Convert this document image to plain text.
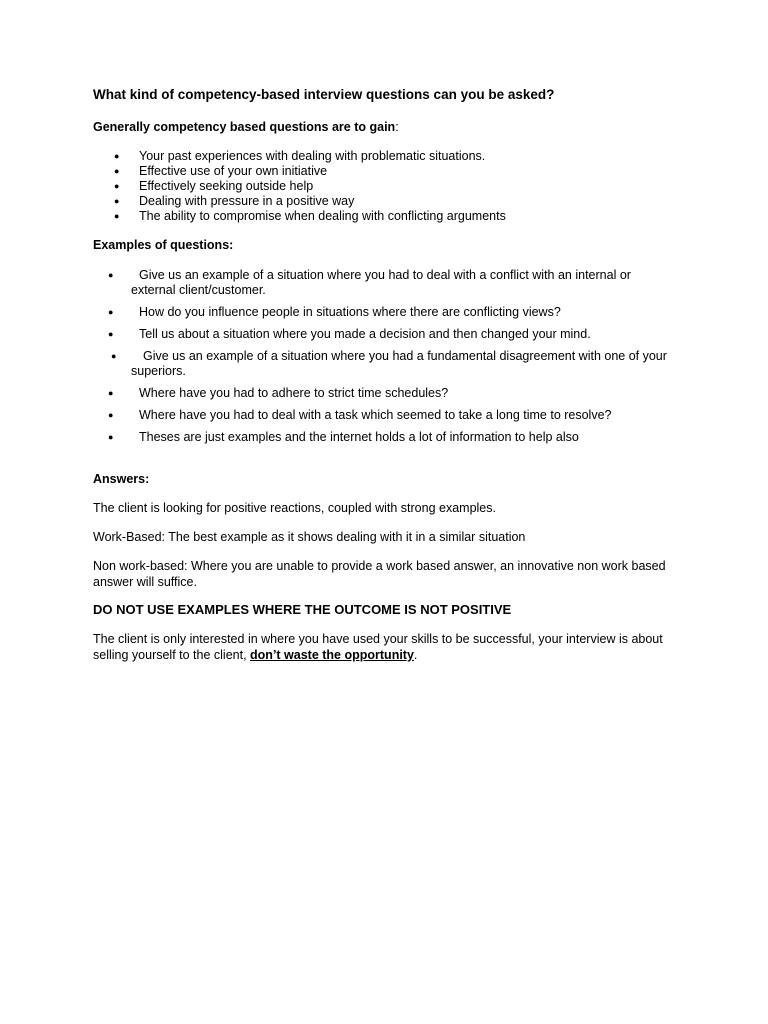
What kind of competency-based interview questions can you be asked?
Generally competency based questions are to gain:
● Your past experiences with dealing with problematic situations.
● Effective use of your own initiative
● Effectively seeking outside help
● Dealing with pressure in a positive way
● The ability to compromise when dealing with conflicting arguments
Examples of questions:
●	Give us an example of a situation where you had to deal with a conflict with an internal or external client/customer.
●	How do you influence people in situations where there are conflicting views?
●	Tell us about a situation where you made a decision and then changed your mind.
●	Give us an example of a situation where you had a fundamental disagreement with one of your superiors.
●	Where have you had to adhere to strict time schedules?
●	Where have you had to deal with a task which seemed to take a long time to resolve?
●	Theses are just examples and the internet holds a lot of information to help also
Answers:

The client is looking for positive reactions, coupled with strong examples.

Work-Based: The best example as it shows dealing with it in a similar situation

Non work-based: Where you are unable to provide a work based answer, an innovative non work based answer will suffice.

DO NOT USE EXAMPLES WHERE THE OUTCOME IS NOT POSITIVE

The client is only interested in where you have used your skills to be successful, your interview is about selling yourself to the client, don’t waste the opportunity.
